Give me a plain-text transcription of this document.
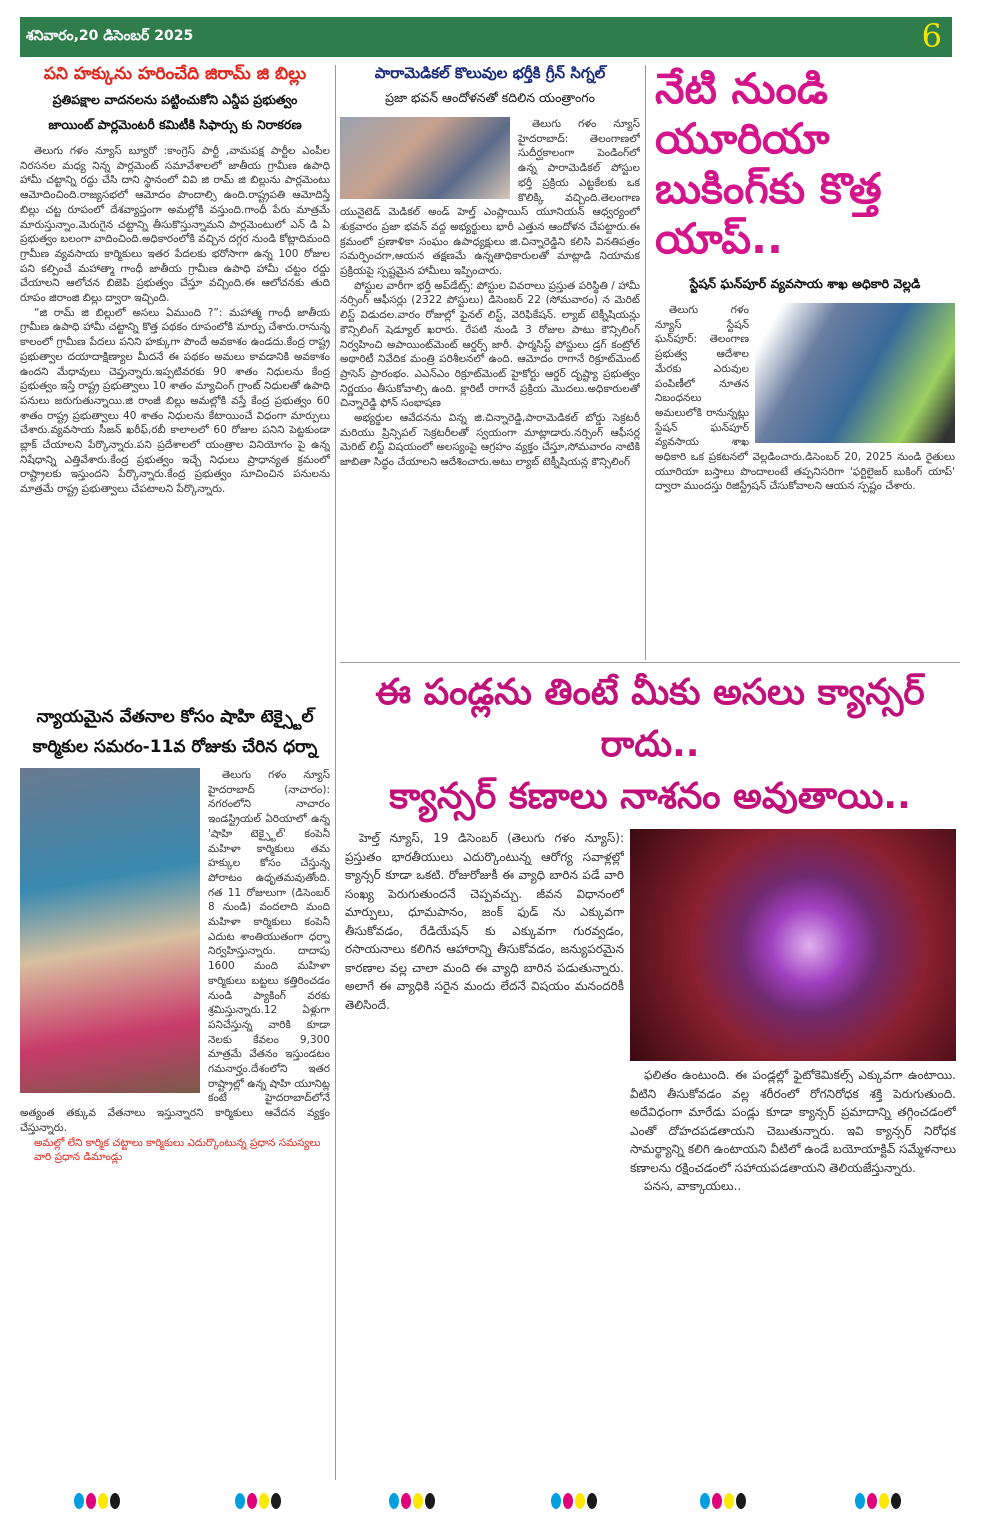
శనివారం,20 డిసెంబర్ 2025	6
పని హక్కును హరించేది జిరామ్ జి బిల్లు
ప్రతిపక్షాల వాదనలను పట్టించుకోని ఎన్డీప ప్రభుత్వం
జాయింట్ పార్లమెంటరీ కమిటీకి సిఫార్సు కు నిరాకరణ

తెలుగు గళం న్యూస్ బ్యూరో :కాంగ్రెస్ పార్టీ ,వామపక్ష పార్టీల ఎంపీల నిరసనల మధ్య నిన్న పార్లమెంట్ సమావేశాలలో జాతీయ గ్రామీణ ఉపాధి హామీ చట్టాన్ని రద్దు చేసి దాని స్థానంలో వివి జి రామ్ జి బిల్లును పార్లమెంటు ఆమోదించింది.రాజ్యసభలో ఆమోదం పొందాల్సి ఉంది.రాష్ట్రపతి ఆమోదిస్తే బిల్లు చట్ట రూపంలో దేశవ్యాప్తంగా అమల్లోకి వస్తుంది.గాంధీ పేరు మాత్రమే మారుస్తున్నాం.మెరుగైన చట్టాన్ని తీసుకొస్తున్నామని పార్లమెంటులో ఎన్ డి ఏ ప్రభుత్వం బలంగా వాదించింది.అధికారంలోకి వచ్చిన దగ్గర నుండి కోట్లాదిమంది గ్రామీణ వ్యవసాయ కార్మికులు ఇతర పేదలకు భరోసాగా ఉన్న 100 రోజుల పని కల్పించే మహాత్మా గాంధీ జాతీయ గ్రామీణ ఉపాధి హామీ చట్టం రద్దు చేయాలని ఆలోచన బిజెపి ప్రభుత్వం చేస్తూ వచ్చింది.ఈ ఆలోచనకు తుది రూపం జిరాంజి బిల్లు ద్వారా ఇచ్చింది.

“జి రామ్ జి బిల్లులో అసలు ఏముంది ?”: మహాత్మ గాంధీ జాతీయ గ్రామీణ ఉపాధి హామీ చట్టాన్ని కొత్త పథకం రూపంలోకి మార్పు చేశారు.రానున్న కాలంలో గ్రామీణ పేదలు పనిని హక్కుగా పొందే అవకాశం ఉండదు.కేంద్ర రాష్ట్ర ప్రభుత్వాల దయాదాక్షిణ్యాల మీదనే ఈ పథకం అమలు కావడానికి అవకాశం ఉందని మేధావులు చెప్తున్నారు.ఇప్పటివరకు 90 శాతం నిధులను కేంద్ర ప్రభుత్వం ఇస్తే రాష్ట్ర ప్రభుత్వాలు 10 శాతం మ్యాచింగ్ గ్రాంట్ నిధులతో ఉపాధి పనులు జరుగుతున్నాయి.జి రాంజీ బిల్లు అమల్లోకి వస్తే కేంద్ర ప్రభుత్వం 60 శాతం రాష్ట్ర ప్రభుత్వాలు 40 శాతం నిధులను కేటాయించే విధంగా మార్పులు చేశారు.వ్యవసాయ సీజన్ ఖరీఫ్,రబీ కాలాలలో 60 రోజుల పనిని పెట్టకుండా బ్లాక్ చేయాలని పేర్కొన్నారు.పని ప్రదేశాలలో యంత్రాల వినియోగం పై ఉన్న నిషేధాన్ని ఎత్తివేశారు.కేంద్ర ప్రభుత్వం ఇచ్చే నిధులు ప్రాధాన్యత క్రమంలో రాష్ట్రాలకు ఇస్తుందని పేర్కొన్నారు.కేంద్ర ప్రభుత్వం సూచించిన పనులను మాత్రమే రాష్ట్ర ప్రభుత్వాలు చేపటాలని పేర్కొన్నారు.

న్యాయమైన వేతనాల కోసం షాహి టెక్స్టైల్
కార్మికుల సమరం-11వ రోజుకు చేరిన ధర్నా

తెలుగు గళం న్యూస్ హైదరాబాద్ (నాచారం): నగరంలోని నాచారం ఇండస్ట్రియల్ ఏరియాలో ఉన్న 'షాహి టెక్స్టైల్' కంపెనీ మహిళా కార్మికులు తమ హక్కుల కోసం చేస్తున్న పోరాటం ఉధృతమవుతోంది. గత 11 రోజులుగా (డిసెంబర్ 8 నుండి) వందలాది మంది మహిళా కార్మికులు కంపెనీ ఎదుట శాంతియుతంగా ధర్నా నిర్వహిస్తున్నారు. దాదాపు 1600 మంది మహిళా కార్మికులు బట్టలు కత్తిరించడం నుండి ప్యాకింగ్ వరకు శ్రమిస్తున్నారు.12 ఏళ్లుగా పనిచేస్తున్న వారికి కూడా నెలకు కేవలం 9,300 మాత్రమే వేతనం ఇస్తుండటం గమనార్హం.దేశంలోని ఇతర రాష్ట్రాల్లో ఉన్న షాహి యూనిట్ల కంటే హైదరాబాద్‌లోనే అత్యంత తక్కువ వేతనాలు ఇస్తున్నారని కార్మికులు ఆవేదన వ్యక్తం చేస్తున్నారు.

అమల్లో లేని కార్మిక చట్టాలు కార్మికులు ఎదుర్కొంటున్న ప్రధాన సమస్యలు

వారి ప్రధాన డిమాండ్లు

పారామెడికల్ కొలువుల భర్తీకి గ్రీన్ సిగ్నల్
ప్రజా భవన్ ఆందోళనతో కదిలిన యంత్రాంగం

తెలుగు గళం న్యూస్ హైదరాబాద్: తెలంగాణలో సుదీర్ఘకాలంగా పెండింగ్‌లో ఉన్న పారామెడికల్ పోస్టుల భర్తీ ప్రక్రియ ఎట్టకేలకు ఒక కొలిక్కి వచ్చింది.తెలంగాణ యునైటెడ్ మెడికల్ అండ్ హెల్త్ ఎంప్లాయిస్ యూనియన్ ఆధ్వర్యంలో శుక్రవారం ప్రజా భవన్ వద్ద అభ్యర్థులు భారీ ఎత్తున ఆందోళన చేపట్టారు.ఈ క్రమంలో ప్రణాళికా సంఘం ఉపాధ్యక్షులు జి.చిన్నారెడ్డిని కలిసి వినతిపత్రం సమర్పించగా,ఆయన తక్షణమే ఉన్నతాధికారులతో మాట్లాడి నియామక ప్రక్రియపై స్పష్టమైన హామీలు ఇప్పించారు.

పోస్టుల వారీగా భర్తీ అప్‌డేట్స్: పోస్టుల వివరాలు ప్రస్తుత పరిస్థితి / హామీ నర్సింగ్ ఆఫీసర్లు (2322 పోస్టులు) డిసెంబర్ 22 (సోమవారం) న మెరిట్ లిస్ట్ విడుదల.వారం రోజుల్లో ఫైనల్ లిస్ట్, వెరిఫికేషన్. ల్యాబ్ టెక్నీషియన్లు కౌన్సిలింగ్ షెడ్యూల్ ఖరారు. రేపటి నుండి 3 రోజుల పాటు కౌన్సిలింగ్ నిర్వహించి అపాయింట్‌మెంట్ ఆర్డర్స్ జారీ. ఫార్మసిస్ట్ పోస్టులు డ్రగ్ కంట్రోల్ అథారిటీ నివేదిక మంత్రి పరిశీలనలో ఉంది. ఆమోదం రాగానే రిక్రూట్‌మెంట్ ప్రాసెస్ ప్రారంభం. ఎఎన్ఎం రిక్రూట్‌మెంట్ హైకోర్టు ఆర్డర్ దృష్ట్యా ప్రభుత్వం నిర్ణయం తీసుకోవాల్సి ఉంది. క్లారిటీ రాగానే ప్రక్రియ మొదలు.అధికారులతో చిన్నారెడ్డి ఫోన్ సంభాషణ

అభ్యర్థుల ఆవేదనను విన్న జి.చిన్నారెడ్డి,పారామెడికల్ బోర్డు సెక్రటరీ మరియు ప్రిన్సిపల్ సెక్రటరీలతో స్వయంగా మాట్లాడారు.నర్సింగ్ ఆఫీసర్ల మెరిట్ లిస్ట్ విషయంలో అలస్యంపై ఆగ్రహం వ్యక్తం చేస్తూ,సోమవారం నాటికి జాబితా సిద్ధం చేయాలని ఆదేశించారు.అటు ల్యాబ్ టెక్నీషియన్ల కౌన్సిలింగ్

నేటి నుండి యూరియా
బుకింగ్‌కు కొత్త యాప్..
స్టేషన్ ఘన్‌పూర్ వ్యవసాయ శాఖ అధికారి వెల్లడి

తెలుగు గళం న్యూస్ స్టేషన్ ఘన్‌పూర్: తెలంగాణ ప్రభుత్వ ఆదేశాల మేరకు ఎరువుల పంపిణీలో నూతన నిబంధనలు అమలులోకి రానున్నట్లు స్టేషన్ ఘన్‌పూర్ వ్యవసాయ శాఖ అధికారి ఒక ప్రకటనలో వెల్లడించారు.డిసెంబర్ 20, 2025 నుండి రైతులు యూరియా బస్తాలు పొందాలంటే తప్పనిసరిగా 'ఫర్టిలైజర్ బుకింగ్ యాప్' ద్వారా ముందస్తు రిజిస్ట్రేషన్ చేసుకోవాలని ఆయన స్పష్టం చేశారు.

ఈ పండ్లను తింటే మీకు అసలు క్యాన్సర్ రాదు..
క్యాన్సర్ కణాలు నాశనం అవుతాయి..

హెల్త్ న్యూస్, 19 డిసెంబర్ (తెలుగు గళం న్యూస్): ప్రస్తుతం భారతీయులు ఎదుర్కొంటున్న ఆరోగ్య సవాళ్లల్లో క్యాన్సర్ కూడా ఒకటి. రోజురోజుకీ ఈ వ్యాధి బారిన పడే వారి సంఖ్య పెరుగుతుందనే చెప్పవచ్చు. జీవన విధానంలో మార్పులు, ధూమపానం, జంక్ ఫుడ్ ను ఎక్కువగా తీసుకోవడం, రేడియేషన్ కు ఎక్కువగా గురవ్వడం, రసాయనాలు కలిగిన ఆహారాన్ని తీసుకోవడం, జన్యుపరమైన కారణాల వల్ల చాలా మంది ఈ వ్యాధి బారిన పడుతున్నారు. అలాగే ఈ వ్యాధికి సరైన మందు లేదనే విషయం మనందరికీ తెలిసిందే.

ఫలితం ఉంటుంది. ఈ పండ్లల్లో ఫైటోకెమికల్స్ ఎక్కువగా ఉంటాయి. వీటిని తీసుకోవడం వల్ల శరీరంలో రోగనిరోధక శక్తి పెరుగుతుంది. అదేవిధంగా మారేడు పండ్లు కూడా క్యాన్సర్ ప్రమాదాన్ని తగ్గించడంలో ఎంతో దోహదపడతాయని చెబుతున్నారు. ఇవి క్యాన్సర్ నిరోధక సామర్థ్యాన్ని కలిగి ఉంటాయని వీటిలో ఉండే బయోయాక్టివ్ సమ్మేళనాలు కణాలను రక్షించడంలో సహాయపడతాయని తెలియజేస్తున్నారు.

పనస, వాక్కాయలు..
